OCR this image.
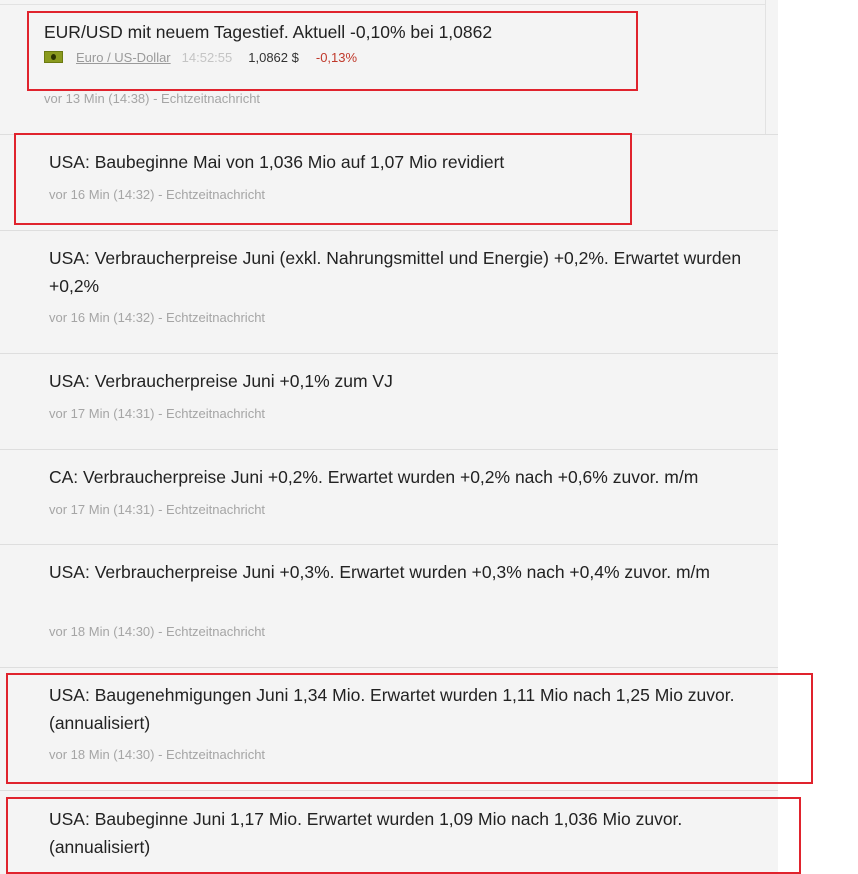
EUR/USD mit neuem Tagestief. Aktuell -0,10% bei 1,0862
Euro / US-Dollar 14:52:55 1,0862 $ -0,13%
vor 13 Min (14:38) - Echtzeitnachricht
USA: Baubeginne Mai von 1,036 Mio auf 1,07 Mio revidiert
vor 16 Min (14:32) - Echtzeitnachricht
USA: Verbraucherpreise Juni (exkl. Nahrungsmittel und Energie) +0,2%. Erwartet wurden +0,2%
vor 16 Min (14:32) - Echtzeitnachricht
USA: Verbraucherpreise Juni +0,1% zum VJ
vor 17 Min (14:31) - Echtzeitnachricht
CA: Verbraucherpreise Juni +0,2%. Erwartet wurden +0,2% nach +0,6% zuvor. m/m
vor 17 Min (14:31) - Echtzeitnachricht
USA: Verbraucherpreise Juni +0,3%. Erwartet wurden +0,3% nach +0,4% zuvor. m/m
vor 18 Min (14:30) - Echtzeitnachricht
USA: Baugenehmigungen Juni 1,34 Mio. Erwartet wurden 1,11 Mio nach 1,25 Mio zuvor. (annualisiert)
vor 18 Min (14:30) - Echtzeitnachricht
USA: Baubeginne Juni 1,17 Mio. Erwartet wurden 1,09 Mio nach 1,036 Mio zuvor. (annualisiert)
